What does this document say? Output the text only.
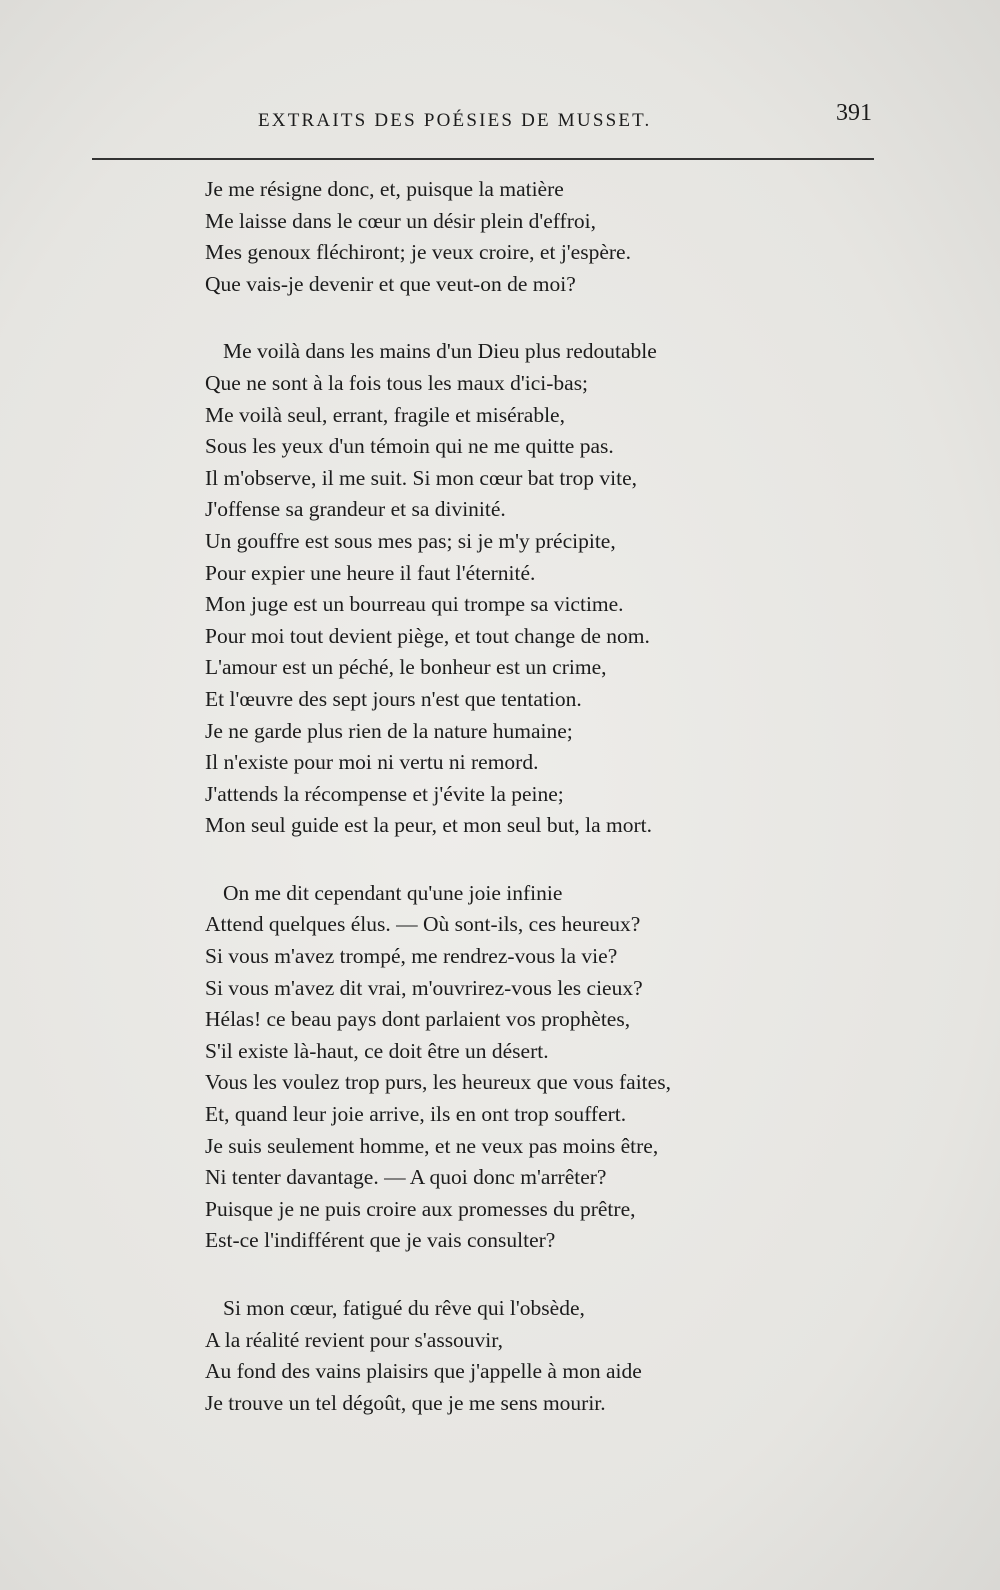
EXTRAITS DES POÉSIES DE MUSSET.	391
Je me résigne donc, et, puisque la matière
Me laisse dans le cœur un désir plein d'effroi,
Mes genoux fléchiront; je veux croire, et j'espère.
Que vais-je devenir et que veut-on de moi?
Me voilà dans les mains d'un Dieu plus redoutable
Que ne sont à la fois tous les maux d'ici-bas;
Me voilà seul, errant, fragile et misérable,
Sous les yeux d'un témoin qui ne me quitte pas.
Il m'observe, il me suit. Si mon cœur bat trop vite,
J'offense sa grandeur et sa divinité.
Un gouffre est sous mes pas; si je m'y précipite,
Pour expier une heure il faut l'éternité.
Mon juge est un bourreau qui trompe sa victime.
Pour moi tout devient piège, et tout change de nom.
L'amour est un péché, le bonheur est un crime,
Et l'œuvre des sept jours n'est que tentation.
Je ne garde plus rien de la nature humaine;
Il n'existe pour moi ni vertu ni remord.
J'attends la récompense et j'évite la peine;
Mon seul guide est la peur, et mon seul but, la mort.
On me dit cependant qu'une joie infinie
Attend quelques élus. — Où sont-ils, ces heureux?
Si vous m'avez trompé, me rendrez-vous la vie?
Si vous m'avez dit vrai, m'ouvrirez-vous les cieux?
Hélas! ce beau pays dont parlaient vos prophètes,
S'il existe là-haut, ce doit être un désert.
Vous les voulez trop purs, les heureux que vous faites,
Et, quand leur joie arrive, ils en ont trop souffert.
Je suis seulement homme, et ne veux pas moins être,
Ni tenter davantage. — A quoi donc m'arrêter?
Puisque je ne puis croire aux promesses du prêtre,
Est-ce l'indifférent que je vais consulter?
Si mon cœur, fatigué du rêve qui l'obsède,
A la réalité revient pour s'assouvir,
Au fond des vains plaisirs que j'appelle à mon aide
Je trouve un tel dégoût, que je me sens mourir.
